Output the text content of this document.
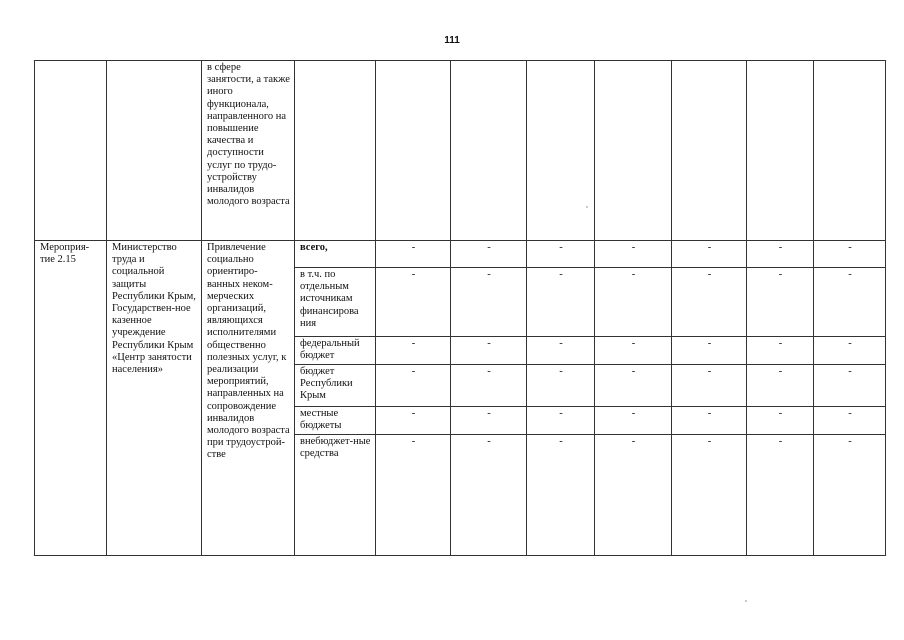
111
		в сфере занятости, а также иного функционала, направленного на повышение качества и доступности услуг по трудо-устройству инвалидов молодого возраста								
Мероприя-тие 2.15	Министерство труда и социальной защиты Республики Крым, Государствен-ное казенное учреждение Республики Крым «Центр занятости населения»	Привлечение социально ориентиро-ванных неком-мерческих организаций, являющихся исполнителями общественно полезных услуг, к реализации мероприятий, направленных на сопровождение инвалидов молодого возраста при трудоустрой-стве	всего,	-	-	-	-	-	-	-
			в т.ч. по отдельным источникам финансирова ния	-	-	-	-	-	-	-
			федеральный бюджет	-	-	-	-	-	-	-
			бюджет Республики Крым	-	-	-	-	-	-	-
			местные бюджеты	-	-	-	-	-	-	-
			внебюджет-ные средства	-	-	-	-	-	-	-
